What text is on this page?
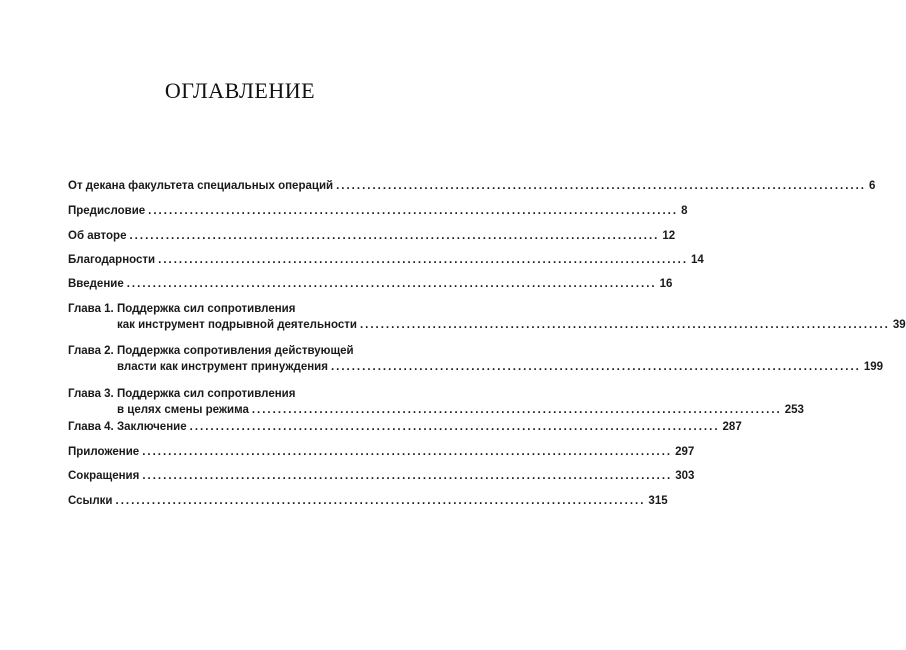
ОГЛАВЛЕНИЕ
От декана факультета специальных операций ...................................................................................................... 6
Предисловие ...................................................................................................... 8
Об авторе ...................................................................................................... 12
Благодарности ...................................................................................................... 14
Введение ...................................................................................................... 16
Глава 1. Поддержка сил сопротивления
как инструмент подрывной деятельности ...................................................................................................... 39
Глава 2. Поддержка сопротивления действующей
власти как инструмент принуждения ...................................................................................................... 199
Глава 3. Поддержка сил сопротивления
в целях смены режима ...................................................................................................... 253
Глава 4. Заключение ...................................................................................................... 287
Приложение ...................................................................................................... 297
Сокращения ...................................................................................................... 303
Ссылки ...................................................................................................... 315
